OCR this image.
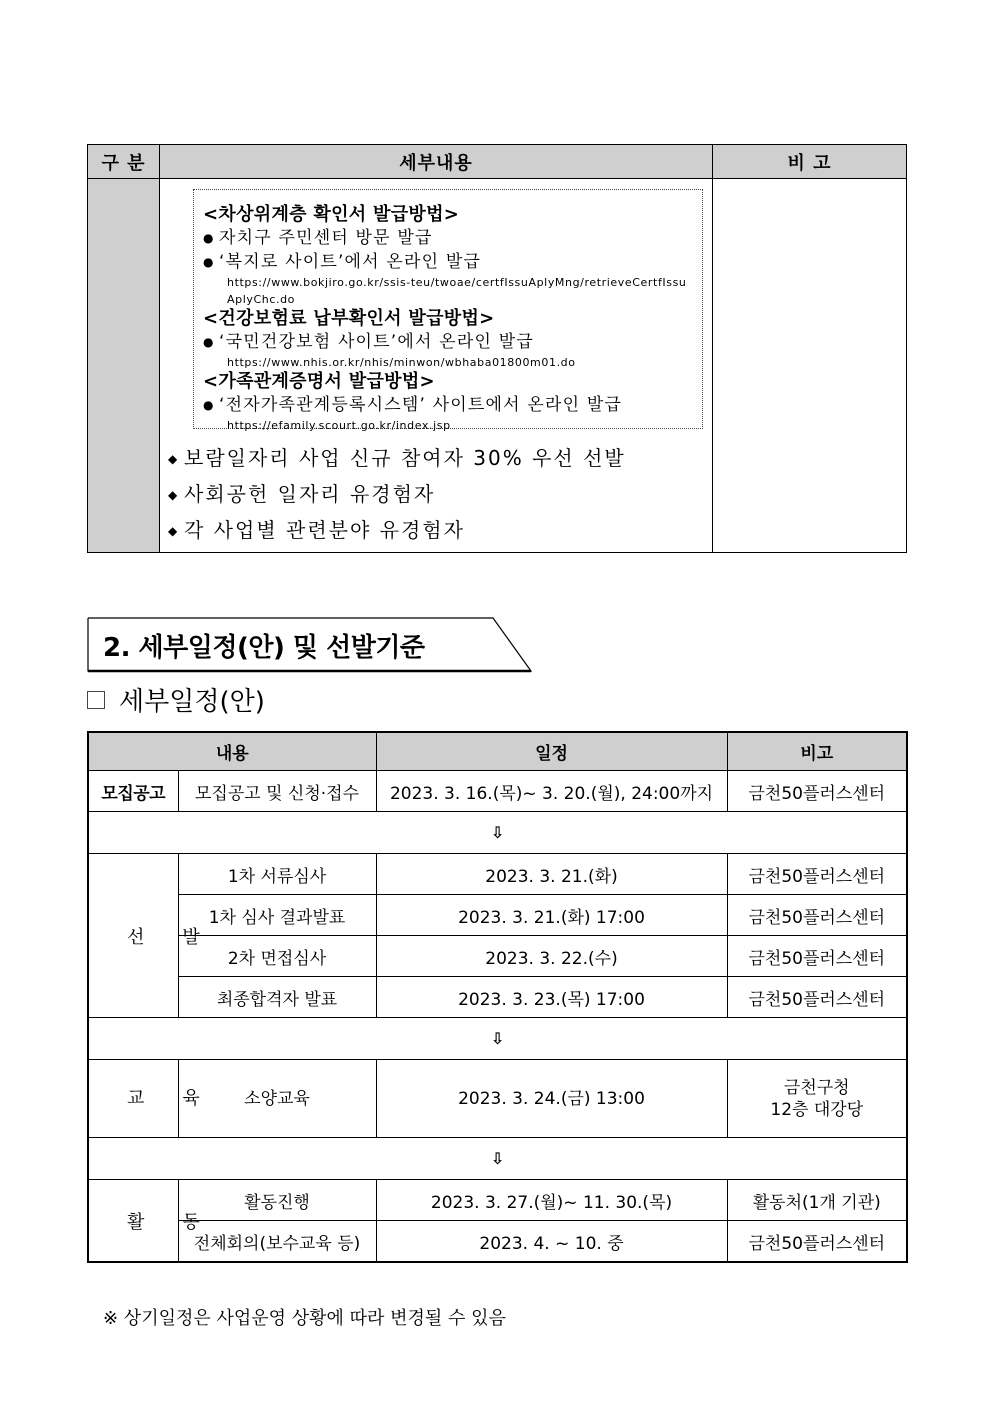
구 분	세부내용	비 고

<차상위계층 확인서 발급방법>
● 자치구 주민센터 방문 발급
● ‘복지로 사이트’에서 온라인 발급
https://www.bokjiro.go.kr/ssis-teu/twoae/certfIssuAplyMng/retrieveCertfIssuAplyChc.do
<건강보험료 납부확인서 발급방법>
● ‘국민건강보험 사이트’에서 온라인 발급
https://www.nhis.or.kr/nhis/minwon/wbhaba01800m01.do
<가족관계증명서 발급방법>
● ‘전자가족관계등록시스템’ 사이트에서 온라인 발급
https://efamily.scourt.go.kr/index.jsp
◆ 보람일자리 사업 신규 참여자 30% 우선 선발
◆ 사회공헌 일자리 유경험자
◆ 각 사업별 관련분야 유경험자

2. 세부일정(안) 및 선발기준
세부일정(안)
내용		일정	비고
모집공고	모집공고 및 신청·접수	2023. 3. 16.(목)~ 3. 20.(월), 24:00까지	금천50플러스센터
⇩			
선발	1차 서류심사	2023. 3. 21.(화)	금천50플러스센터
	1차 심사 결과발표	2023. 3. 21.(화) 17:00	금천50플러스센터
	2차 면접심사	2023. 3. 22.(수)	금천50플러스센터
	최종합격자 발표	2023. 3. 23.(목) 17:00	금천50플러스센터
⇩			
교육	소양교육	2023. 3. 24.(금) 13:00	금천구청
12층 대강당

⇩			
활동	활동진행	2023. 3. 27.(월)~ 11. 30.(목)	활동처(1개 기관)
	전체회의(보수교육 등)	2023. 4. ~ 10. 중	금천50플러스센터
※ 상기일정은 사업운영 상황에 따라 변경될 수 있음
